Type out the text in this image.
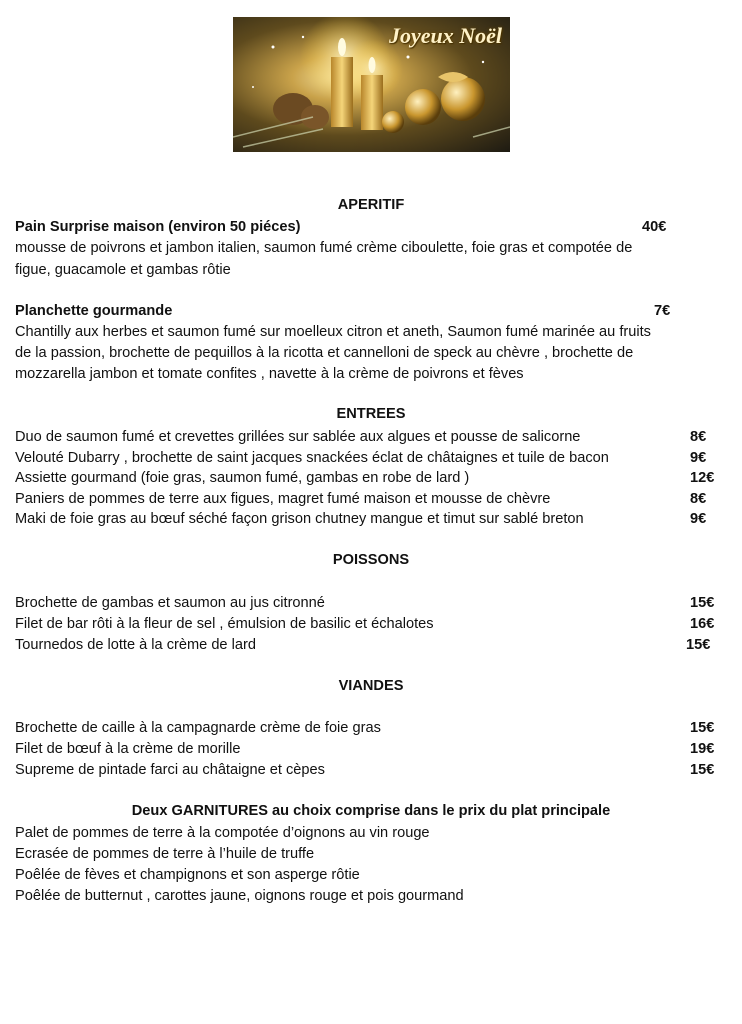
Joyeux Noël
APERITIF
Pain Surprise maison (environ 50 piéces)	40€
mousse de poivrons et jambon italien, saumon fumé crème ciboulette, foie gras et compotée de
figue, guacamole et gambas rôtie
Planchette gourmande	7€
Chantilly aux herbes et saumon fumé sur moelleux citron et aneth, Saumon fumé marinée au fruits
de la passion, brochette de pequillos à la ricotta et cannelloni de speck au chèvre , brochette de
mozzarella jambon et tomate confites , navette à la crème de poivrons et fèves
ENTREES
Duo de saumon fumé et crevettes grillées sur sablée aux algues et pousse de salicorne	8€
Velouté Dubarry , brochette de saint jacques snackées éclat de châtaignes et tuile de bacon	9€
Assiette gourmand (foie gras, saumon fumé, gambas en robe de lard )	12€
Paniers de pommes de terre aux figues, magret fumé maison et mousse de chèvre	8€
Maki de foie gras au bœuf séché façon grison chutney mangue et timut sur sablé breton	9€
POISSONS
Brochette de gambas et saumon au jus citronné	15€
Filet de bar rôti à la fleur de sel , émulsion de basilic et échalotes	16€
Tournedos de lotte à la crème de lard	15€
VIANDES
Brochette de caille à la campagnarde crème de foie gras	15€
Filet de bœuf à la crème de morille	19€
Supreme de pintade farci au châtaigne et cèpes	15€
Deux GARNITURES au choix comprise dans le prix du plat principale
Palet de pommes de terre à la compotée d’oignons au vin rouge
Ecrasée de pommes de terre à l’huile de truffe
Poêlée de fèves et champignons et son asperge rôtie
Poêlée de butternut , carottes jaune, oignons rouge et pois gourmand
